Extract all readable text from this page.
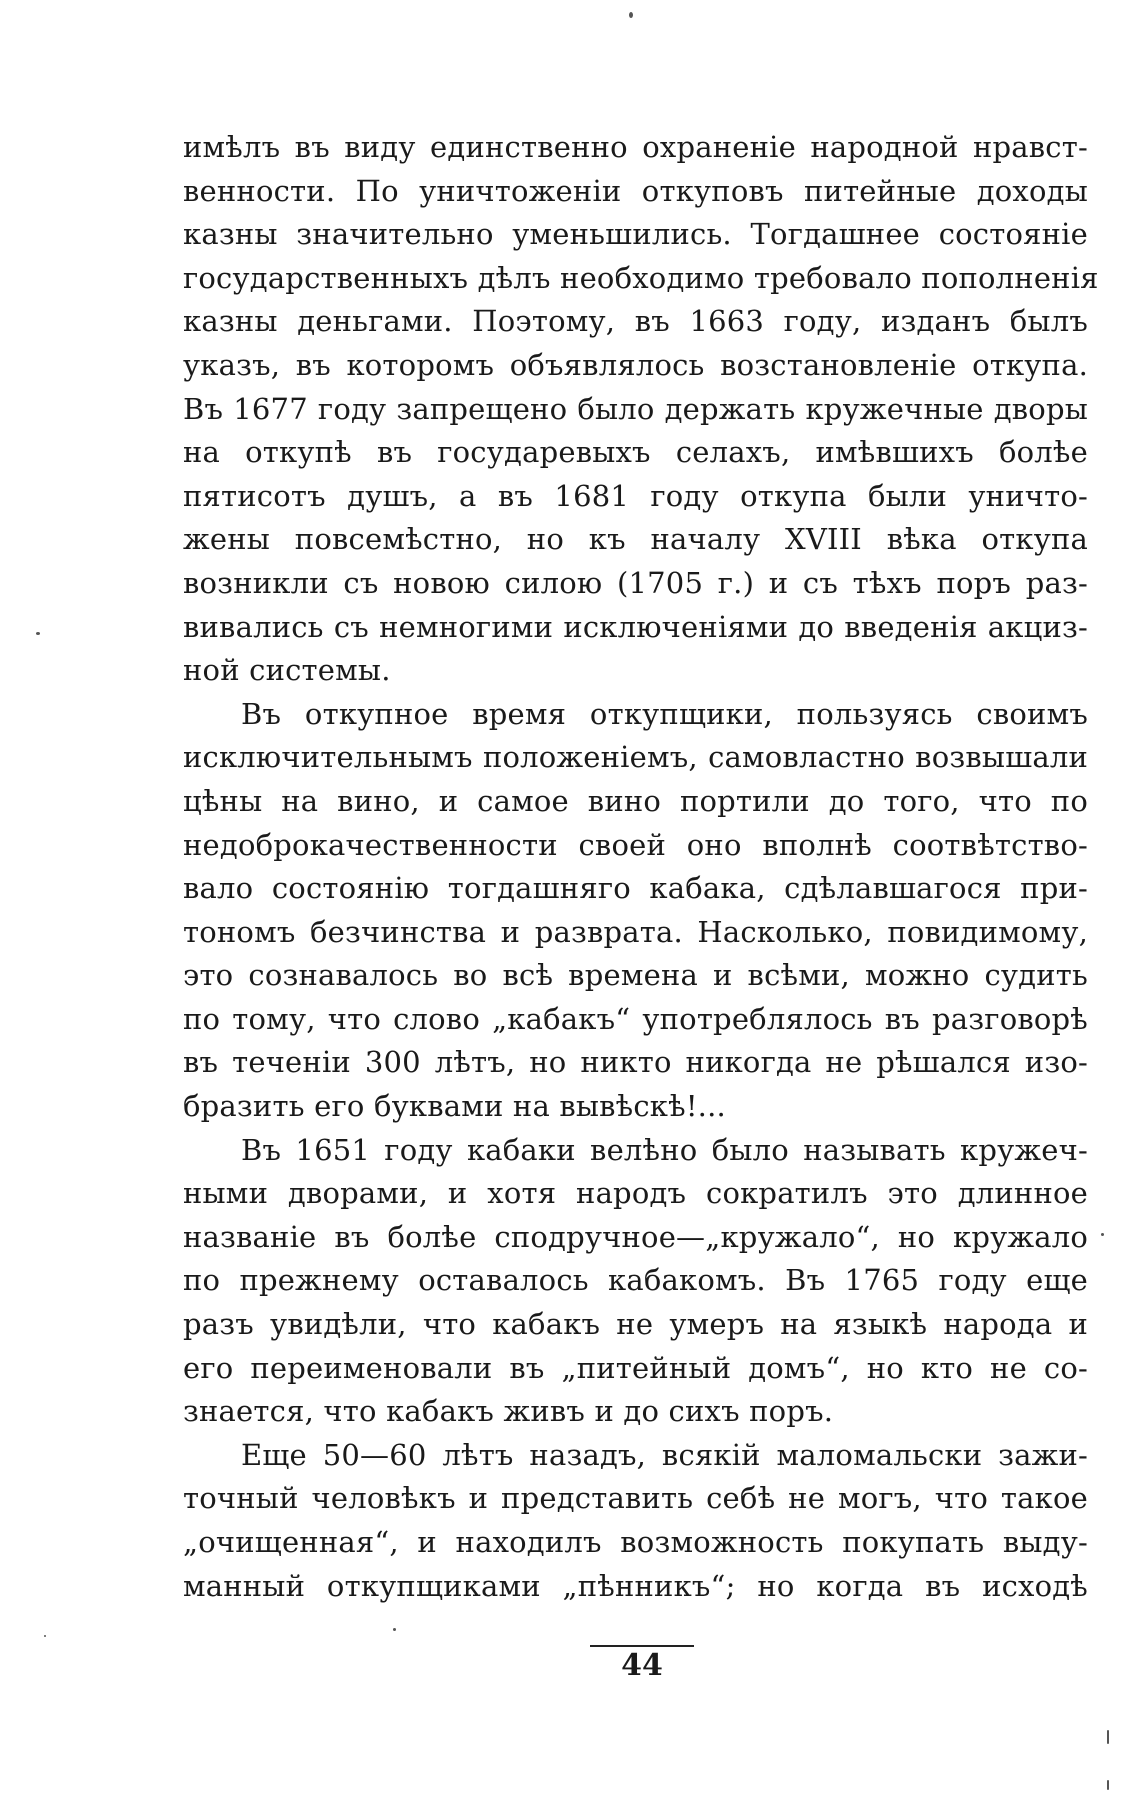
имѣлъ въ виду единственно охраненіе народной нравст-
венности. По уничтоженіи откуповъ питейные доходы
казны значительно уменьшились. Тогдашнее состояніе
государственныхъ дѣлъ необходимо требовало пополненія
казны деньгами. Поэтому, въ 1663 году, изданъ былъ
указъ, въ которомъ объявлялось возстановленіе откупа.
Въ 1677 году запрещено было держать кружечные дворы
на откупѣ въ государевыхъ селахъ, имѣвшихъ болѣе
пятисотъ душъ, а въ 1681 году откупа были уничто-
жены повсемѣстно, но къ началу XVIII вѣка откупа
возникли съ новою силою (1705 г.) и съ тѣхъ поръ раз-
вивались съ немногими исключеніями до введенія акциз-
ной системы.
Въ откупное время откупщики, пользуясь своимъ
исключительнымъ положеніемъ, самовластно возвышали
цѣны на вино, и самое вино портили до того, что по
недоброкачественности своей оно вполнѣ соотвѣтство-
вало состоянію тогдашняго кабака, сдѣлавшагося при-
тономъ безчинства и разврата. Насколько, повидимому,
это сознавалось во всѣ времена и всѣми, можно судить
по тому, что слово „кабакъ“ употреблялось въ разговорѣ
въ теченіи 300 лѣтъ, но никто никогда не рѣшался изо-
бразить его буквами на вывѣскѣ!...
Въ 1651 году кабаки велѣно было называть кружеч-
ными дворами, и хотя народъ сократилъ это длинное
названіе въ болѣе сподручное—„кружало“, но кружало
по прежнему оставалось кабакомъ. Въ 1765 году еще
разъ увидѣли, что кабакъ не умеръ на языкѣ народа и
его переименовали въ „питейный домъ“, но кто не со-
знается, что кабакъ живъ и до сихъ поръ.
Еще 50—60 лѣтъ назадъ, всякій маломальски зажи-
точный человѣкъ и представить себѣ не могъ, что такое
„очищенная“, и находилъ возможность покупать выду-
манный откупщиками „пѣнникъ“; но когда въ исходѣ
44
